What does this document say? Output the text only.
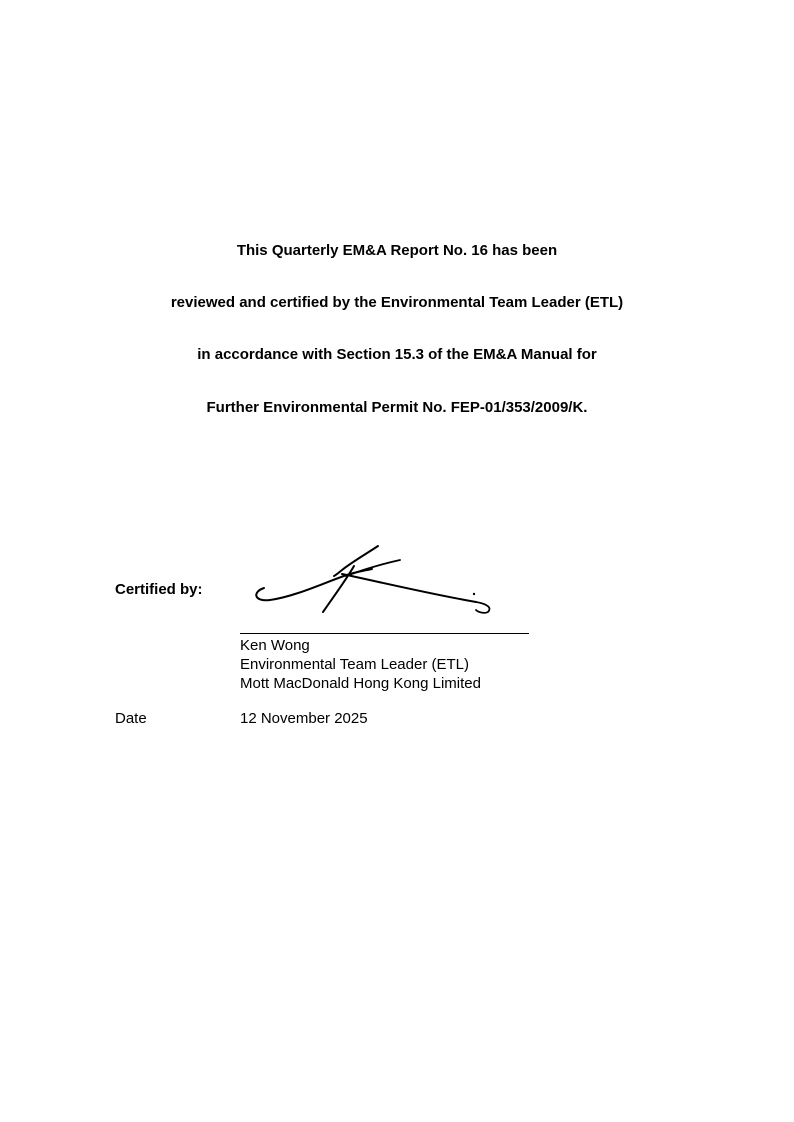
This Quarterly EM&A Report No. 16 has been
reviewed and certified by the Environmental Team Leader (ETL)
in accordance with Section 15.3 of the EM&A Manual for
Further Environmental Permit No. FEP-01/353/2009/K.
Certified by:
Ken Wong
Environmental Team Leader (ETL)
Mott MacDonald Hong Kong Limited
Date	12 November 2025
